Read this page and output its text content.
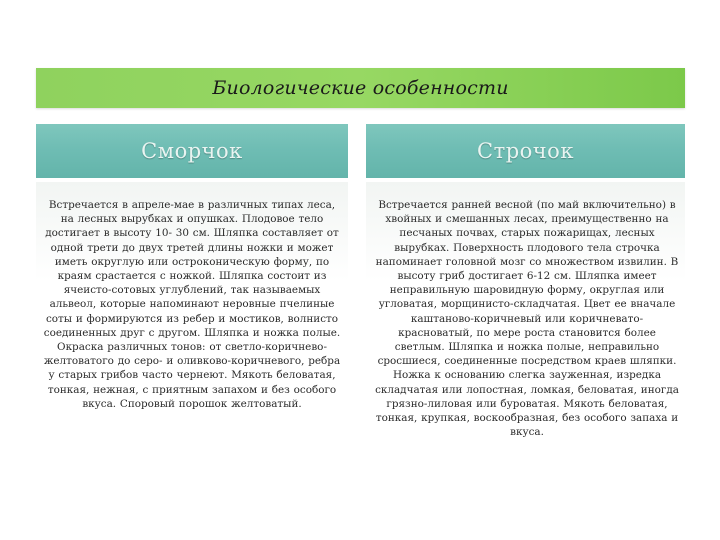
Биологические особенности
Сморчок	Строчок
Встречается в апреле-мае в различных типах леса, на лесных вырубках и опушках. Плодовое тело достигает в высоту 10- 30 см. Шляпка составляет от одной трети до двух третей длины ножки и может иметь округлую или остроконическую форму, по краям срастается с ножкой. Шляпка состоит из ячеисто-сотовых углублений, так называемых альвеол, которые напоминают неровные пчелиные соты и формируются из ребер и мостиков, волнисто соединенных друг с другом. Шляпка и ножка полые. Окраска различных тонов: от светло-коричнево-желтоватого до серо- и оливково-коричневого, ребра у старых грибов часто чернеют. Мякоть беловатая, тонкая, нежная, с приятным запахом и без особого вкуса. Споровый порошок желтоватый.
Встречается ранней весной (по май включительно) в хвойных и смешанных лесах, преимущественно на песчаных почвах, старых пожарищах, лесных вырубках. Поверхность плодового тела строчка напоминает головной мозг со множеством извилин. В высоту гриб достигает 6-12 см. Шляпка имеет неправильную шаровидную форму, округлая или угловатая, морщинисто-складчатая. Цвет ее вначале каштаново-коричневый или коричневато-красноватый, по мере роста становится более светлым. Шляпка и ножка полые, неправильно сросшиеся, соединенные посредством краев шляпки. Ножка к основанию слегка зауженная, изредка складчатая или лопостная, ломкая, беловатая, иногда грязно-лиловая или буроватая. Мякоть беловатая, тонкая, крупкая, воскообразная, без особого запаха и вкуса.
